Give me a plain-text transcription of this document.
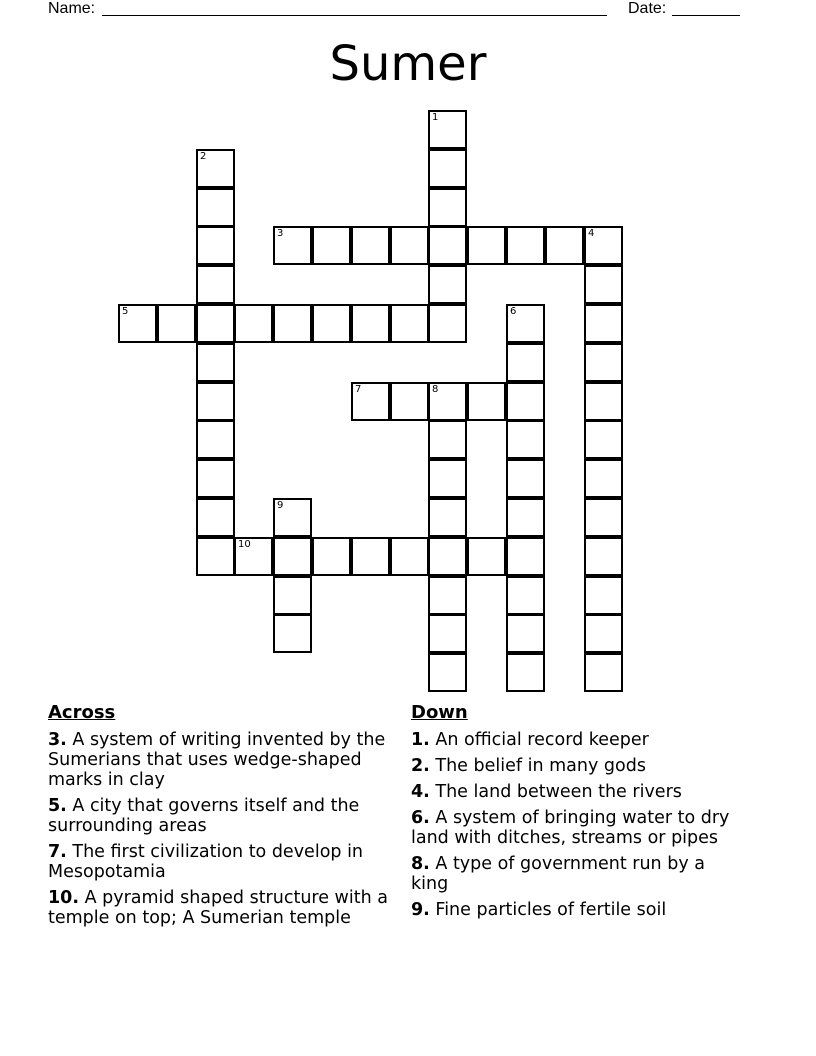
Name:	Date:
Sumer
1
2
3	4
5	6
7	8
9
10
Across
3. A system of writing invented by the Sumerians that uses wedge-shaped marks in clay
5. A city that governs itself and the surrounding areas
7. The first civilization to develop in Mesopotamia
10. A pyramid shaped structure with a temple on top; A Sumerian temple
Down
1. An official record keeper
2. The belief in many gods
4. The land between the rivers
6. A system of bringing water to dry land with ditches, streams or pipes
8. A type of government run by a king
9. Fine particles of fertile soil
